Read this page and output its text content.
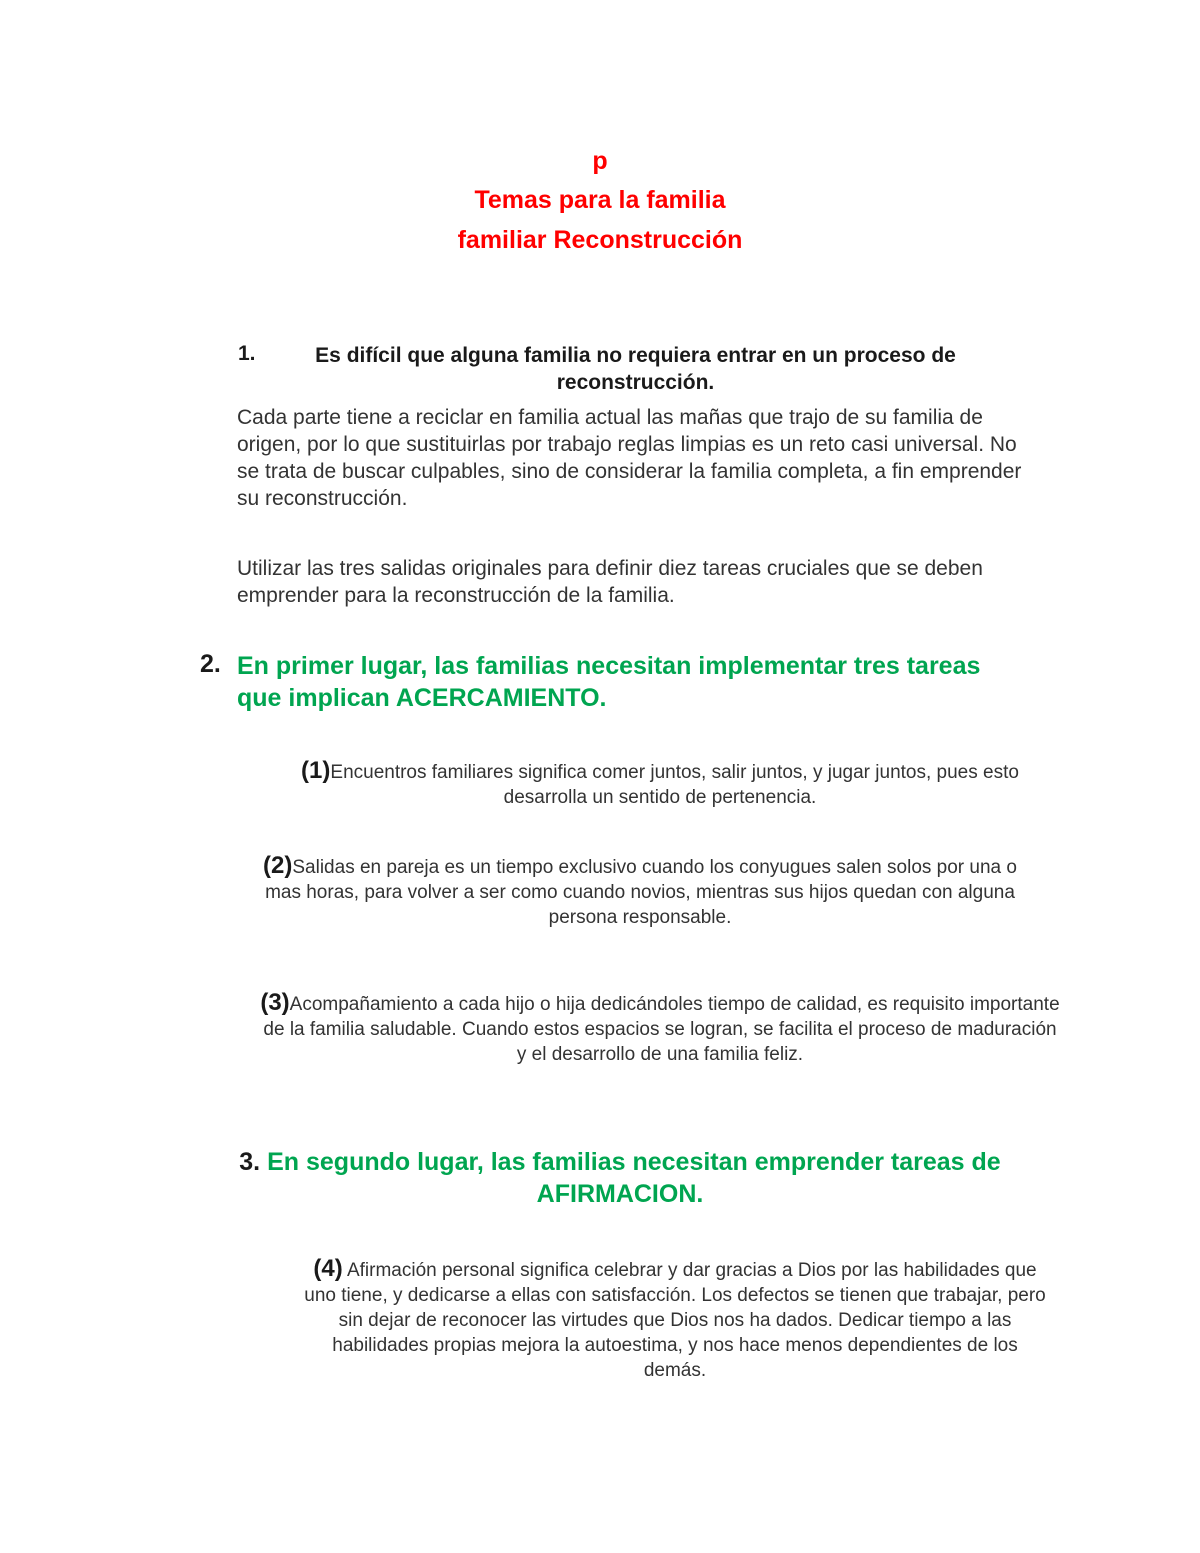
p
Temas para la familia
familiar Reconstrucción
1.	Es difícil que alguna familia no requiera entrar en un proceso de reconstrucción.
Cada parte tiene a reciclar en familia actual las mañas que trajo de su familia de origen, por lo que sustituirlas por trabajo reglas limpias es un reto casi universal. No se trata de buscar culpables, sino de considerar la familia completa, a fin emprender su reconstrucción.
Utilizar las tres salidas originales para definir diez tareas cruciales que se deben emprender para la reconstrucción de la familia.
2. En primer lugar, las familias necesitan implementar tres tareas que implican ACERCAMIENTO.
(1)Encuentros familiares significa comer juntos, salir juntos, y jugar juntos, pues esto desarrolla un sentido de pertenencia.
(2)Salidas en pareja es un tiempo exclusivo cuando los conyugues salen solos por una o mas horas, para volver a ser como cuando novios, mientras sus hijos quedan con alguna persona responsable.
(3)Acompañamiento a cada hijo o hija dedicándoles tiempo de calidad, es requisito importante de la familia saludable. Cuando estos espacios se logran, se facilita el proceso de maduración y el desarrollo de una familia feliz.
3. En segundo lugar, las familias necesitan emprender tareas de AFIRMACION.
(4) Afirmación personal significa celebrar y dar gracias a Dios por las habilidades que uno tiene, y dedicarse a ellas con satisfacción. Los defectos se tienen que trabajar, pero sin dejar de reconocer las virtudes que Dios nos ha dados. Dedicar tiempo a las habilidades propias mejora la autoestima, y nos hace menos dependientes de los demás.
